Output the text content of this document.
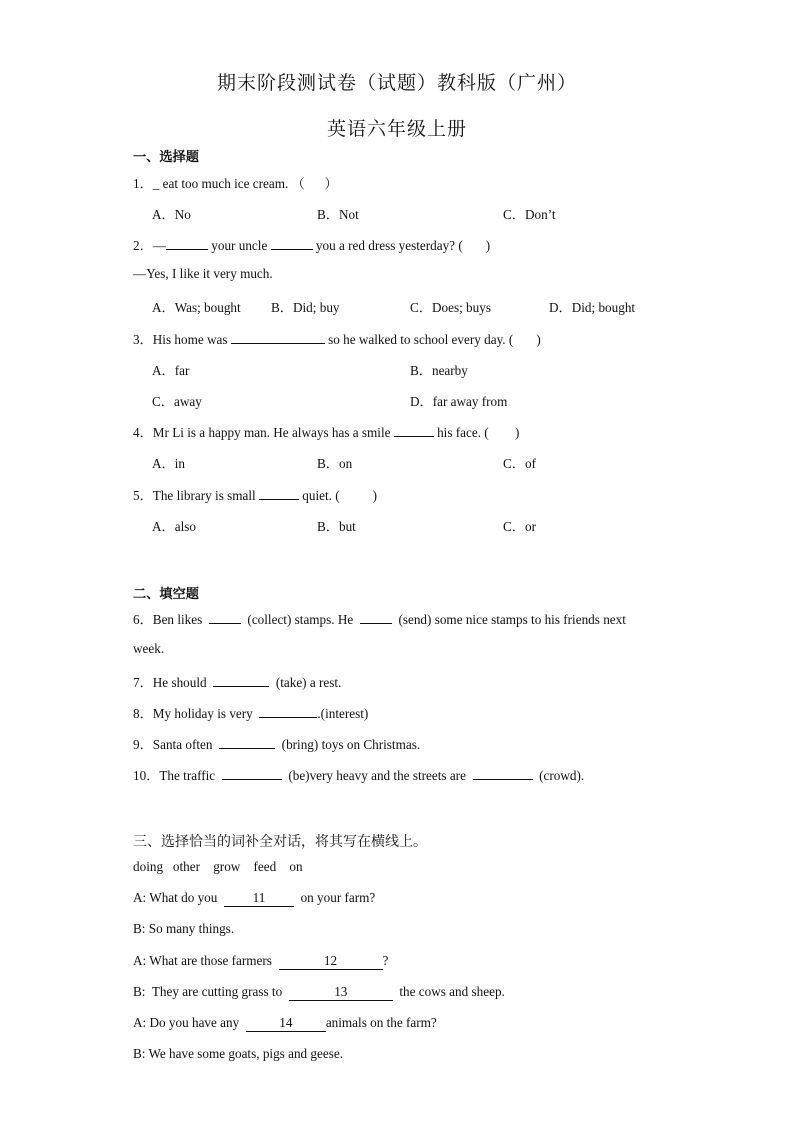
期末阶段测试卷（试题）教科版（广州）
英语六年级上册
一、选择题
1．_ eat too much ice cream. （      ）
A．No	B．Not	C．Don’t
2．—	your uncle	you a red dress yesterday? (       )
—Yes, I like it very much.
A．Was; bought B．Did; buy	C．Does; buys	D．Did; bought
3．His home was	so he walked to school every day. (       )
A．far	B．nearby
C．away	D．far away from
4．Mr Li is a happy man. He always has a smile	his face. (        )
A．in	B．on	C．of
5．The library is small	quiet. (          )
A．also	B．but	C．or
二、填空题
6．Ben likes    (collect) stamps. He    (send) some nice stamps to his friends next
week.
7．He should	(take) a rest.
8．My holiday is very	.(interest)
9．Santa often	(bring) toys on Christmas.
10．The traffic	(be)very heavy and the streets are	(crowd).
三、选择恰当的词补全对话，将其写在横线上。
doing   other    grow    feed    on
A: What do you  11  on your farm?
B: So many things.
A: What are those farmers	12	?
B:  They are cutting grass to	13	the cows and sheep.
A: Do you have any	14	animals on the farm?
B: We have some goats, pigs and geese.
